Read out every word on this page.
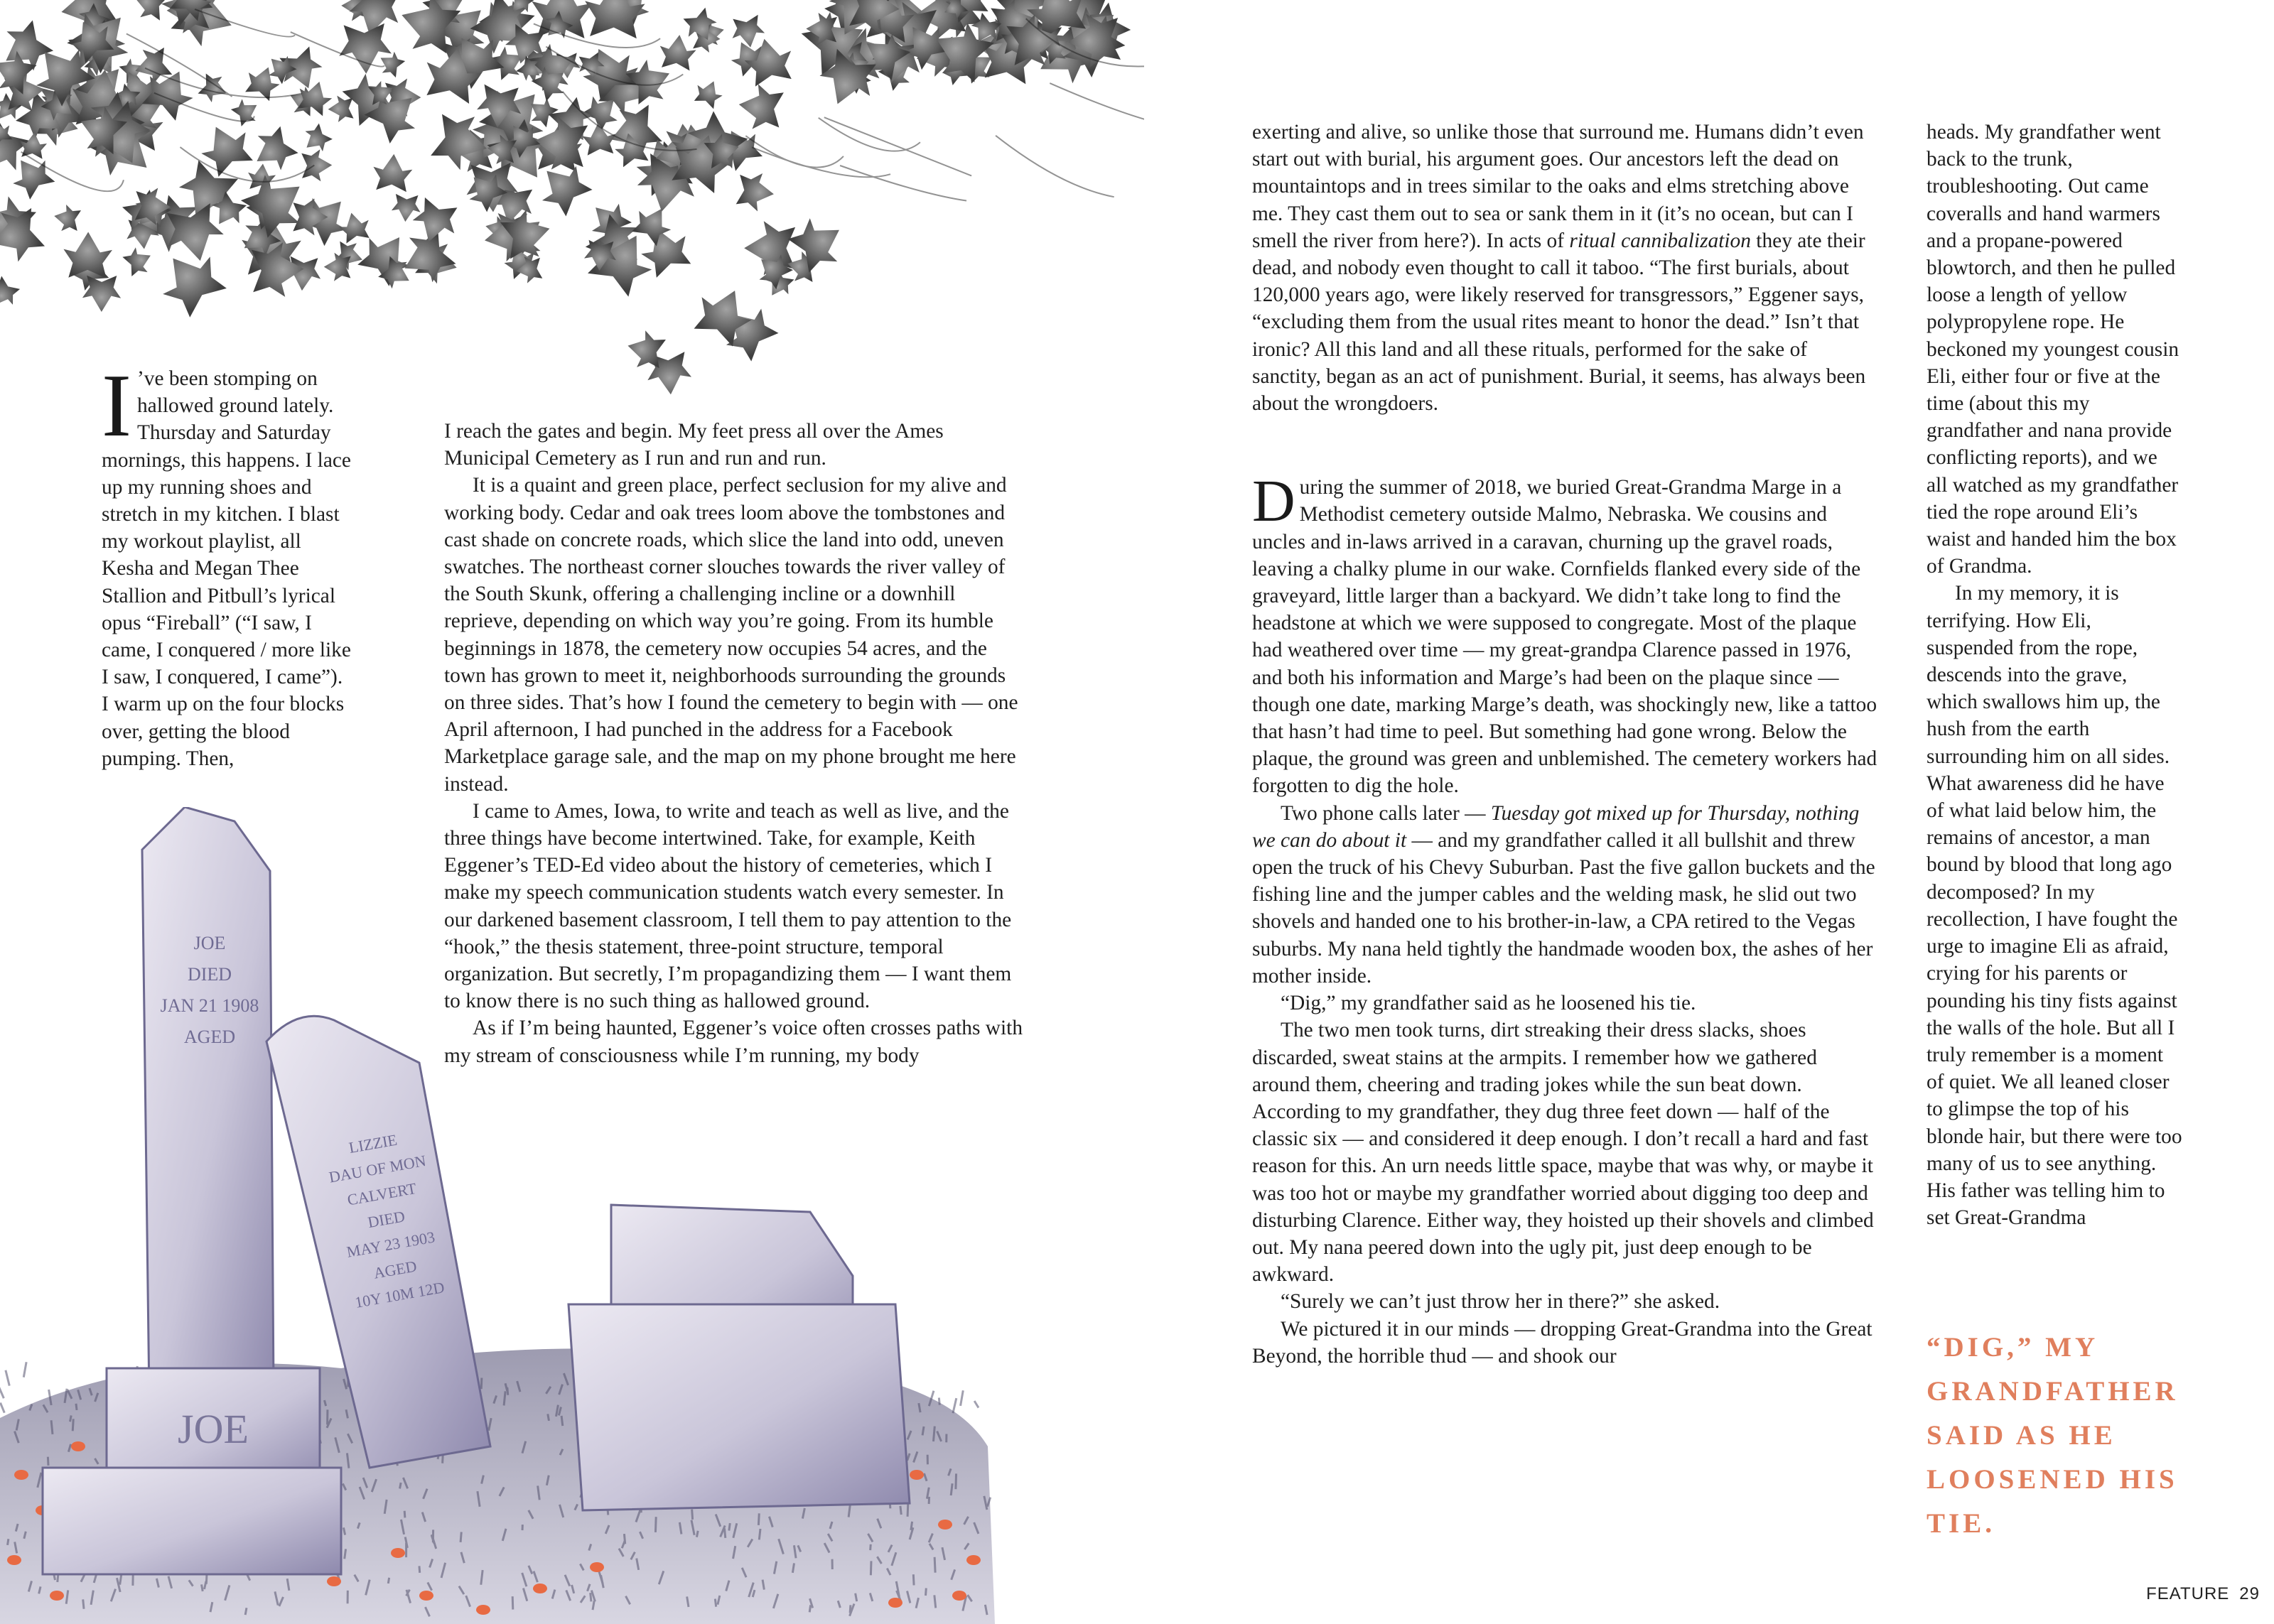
JOE
JOE
DIED
JAN 21 1908
AGED
LIZZIE
DAU OF MON
CALVERT
DIED
MAY 23 1903
AGED
10Y 10M 12D

I ’ve been stomping on hallowed ground lately. Thursday and Saturday mornings, this happens. I lace up my running shoes and stretch in my kitchen. I blast my workout playlist, all Kesha and Megan Thee Stallion and Pitbull’s lyrical opus “Fireball” (“I saw, I came, I conquered / more like I saw, I conquered, I came”). I warm up on the four blocks over, getting the blood pumping. Then,

I reach the gates and begin. My feet press all over the Ames Municipal Cemetery as I run and run and run.

It is a quaint and green place, perfect seclusion for my alive and working body. Cedar and oak trees loom above the tombstones and cast shade on concrete roads, which slice the land into odd, uneven swatches. The northeast corner slouches towards the river valley of the South Skunk, offering a challenging incline or a downhill reprieve, depending on which way you’re going. From its humble beginnings in 1878, the cemetery now occupies 54 acres, and the town has grown to meet it, neighborhoods surrounding the grounds on three sides. That’s how I found the cemetery to begin with — one April afternoon, I had punched in the address for a Facebook Marketplace garage sale, and the map on my phone brought me here instead.

I came to Ames, Iowa, to write and teach as well as live, and the three things have become intertwined. Take, for example, Keith Eggener’s TED-Ed video about the history of cemeteries, which I make my speech communication students watch every semester. In our darkened basement classroom, I tell them to pay attention to the “hook,” the thesis statement, three-point structure, temporal organization. But secretly, I’m propagandizing them — I want them to know there is no such thing as hallowed ground.

As if I’m being haunted, Eggener’s voice often crosses paths with my stream of consciousness while I’m running, my body

exerting and alive, so unlike those that surround me. Humans didn’t even start out with burial, his argument goes. Our ancestors left the dead on mountaintops and in trees similar to the oaks and elms stretching above me. They cast them out to sea or sank them in it (it’s no ocean, but can I smell the river from here?). In acts of ritual cannibalization they ate their dead, and nobody even thought to call it taboo. “The first burials, about 120,000 years ago, were likely reserved for transgressors,” Eggener says, “excluding them from the usual rites meant to honor the dead.” Isn’t that ironic? All this land and all these rituals, performed for the sake of sanctity, began as an act of punishment. Burial, it seems, has always been about the wrongdoers.

During the summer of 2018, we buried Great-Grandma Marge in a Methodist cemetery outside Malmo, Nebraska. We cousins and uncles and in-laws arrived in a caravan, churning up the gravel roads, leaving a chalky plume in our wake. Cornfields flanked every side of the graveyard, little larger than a backyard. We didn’t take long to find the headstone at which we were supposed to congregate. Most of the plaque had weathered over time — my great-grandpa Clarence passed in 1976, and both his information and Marge’s had been on the plaque since — though one date, marking Marge’s death, was shockingly new, like a tattoo that hasn’t had time to peel. But something had gone wrong. Below the plaque, the ground was green and unblemished. The cemetery workers had forgotten to dig the hole.

Two phone calls later — Tuesday got mixed up for Thursday, nothing we can do about it — and my grandfather called it all bullshit and threw open the truck of his Chevy Suburban. Past the five gallon buckets and the fishing line and the jumper cables and the welding mask, he slid out two shovels and handed one to his brother-in-law, a CPA retired to the Vegas suburbs. My nana held tightly the handmade wooden box, the ashes of her mother inside.

“Dig,” my grandfather said as he loosened his tie.

The two men took turns, dirt streaking their dress slacks, shoes discarded, sweat stains at the armpits. I remember how we gathered around them, cheering and trading jokes while the sun beat down. According to my grandfather, they dug three feet down — half of the classic six — and considered it deep enough. I don’t recall a hard and fast reason for this. An urn needs little space, maybe that was why, or maybe it was too hot or maybe my grandfather worried about digging too deep and disturbing Clarence. Either way, they hoisted up their shovels and climbed out. My nana peered down into the ugly pit, just deep enough to be awkward.

“Surely we can’t just throw her in there?” she asked.

We pictured it in our minds — dropping Great-Grandma into the Great Beyond, the horrible thud — and shook our

heads. My grandfather went back to the trunk, troubleshooting. Out came coveralls and hand warmers and a propane-powered blowtorch, and then he pulled loose a length of yellow polypropylene rope. He beckoned my youngest cousin Eli, either four or five at the time (about this my grandfather and nana provide conflicting reports), and we all watched as my grandfather tied the rope around Eli’s waist and handed him the box of Grandma.

In my memory, it is terrifying. How Eli, suspended from the rope, descends into the grave, which swallows him up, the hush from the earth surrounding him on all sides. What awareness did he have of what laid below him, the remains of ancestor, a man bound by blood that long ago decomposed? In my recollection, I have fought the urge to imagine Eli as afraid, crying for his parents or pounding his tiny fists against the walls of the hole. But all I truly remember is a moment of quiet. We all leaned closer to glimpse the top of his blonde hair, but there were too many of us to see anything. His father was telling him to set Great-Grandma

“DIG,” MY GRANDFATHER SAID AS HE LOOSENED HIS TIE.
FEATURE 29
